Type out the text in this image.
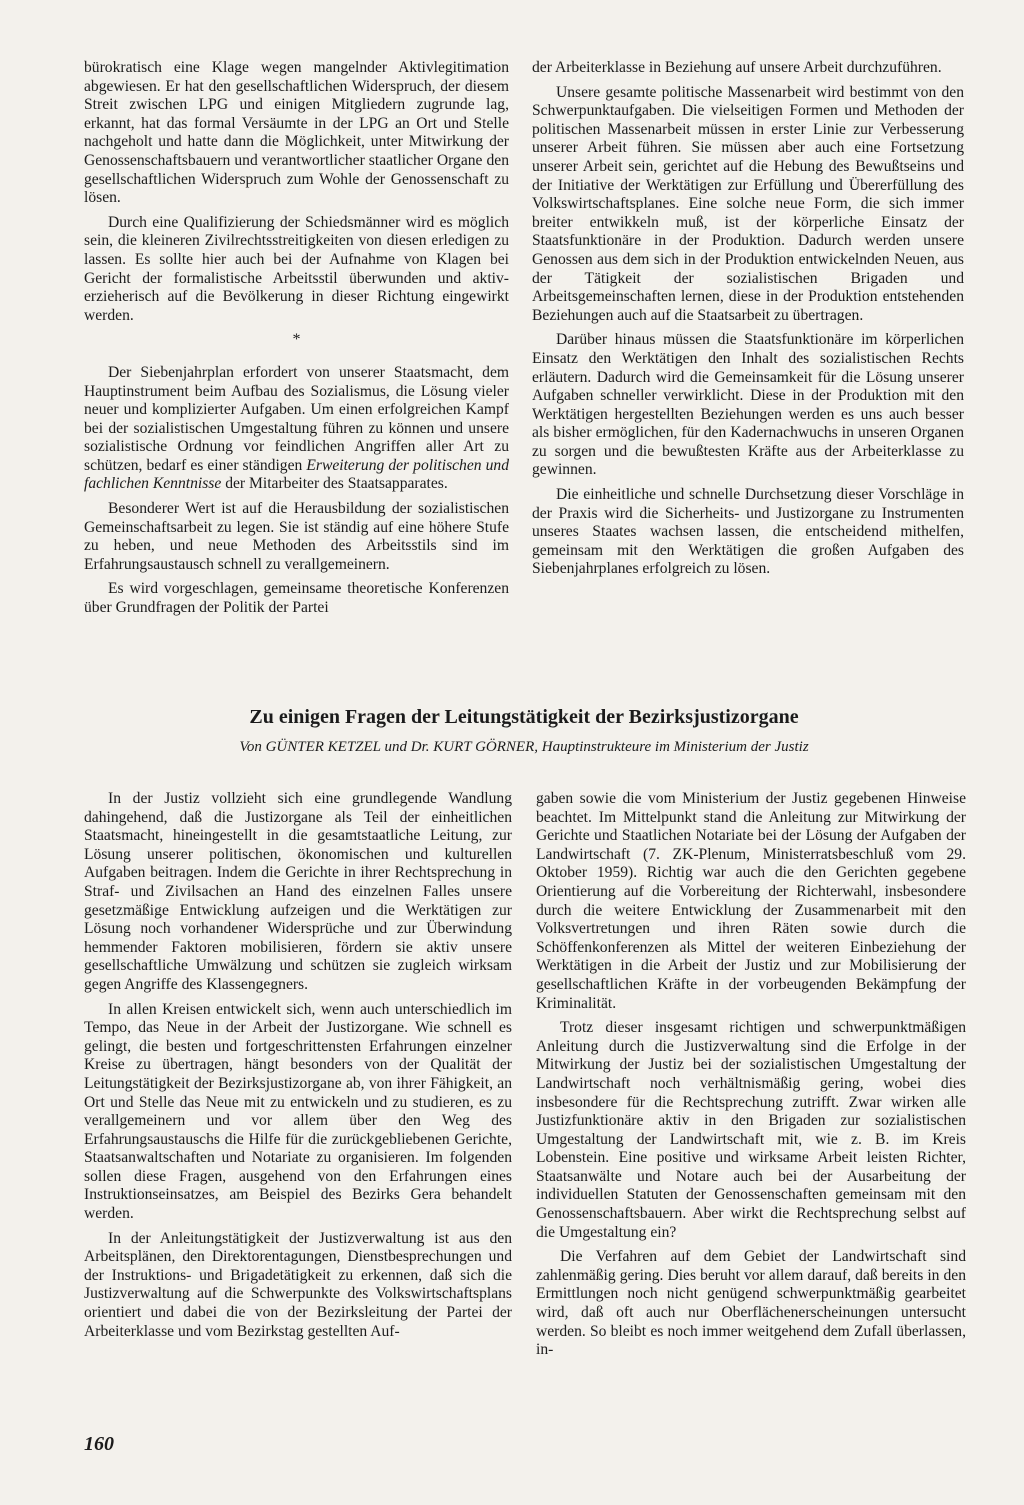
bürokratisch eine Klage wegen mangelnder Aktivlegitimation abgewiesen. Er hat den gesellschaftlichen Widerspruch, der diesem Streit zwischen LPG und einigen Mitgliedern zugrunde lag, erkannt, hat das formal Versäumte in der LPG an Ort und Stelle nachgeholt und hatte dann die Möglichkeit, unter Mitwirkung der Genossenschaftsbauern und verantwortlicher staatlicher Organe den gesellschaftlichen Widerspruch zum Wohle der Genossenschaft zu lösen.

Durch eine Qualifizierung der Schiedsmänner wird es möglich sein, die kleineren Zivilrechtsstreitigkeiten von diesen erledigen zu lassen. Es sollte hier auch bei der Aufnahme von Klagen bei Gericht der formalistische Arbeitsstil überwunden und aktiv-erzieherisch auf die Bevölkerung in dieser Richtung eingewirkt werden.

*

Der Siebenjahrplan erfordert von unserer Staatsmacht, dem Hauptinstrument beim Aufbau des Sozialismus, die Lösung vieler neuer und komplizierter Aufgaben. Um einen erfolgreichen Kampf bei der sozialistischen Umgestaltung führen zu können und unsere sozialistische Ordnung vor feindlichen Angriffen aller Art zu schützen, bedarf es einer ständigen Erweiterung der politischen und fachlichen Kenntnisse der Mitarbeiter des Staatsapparates.

Besonderer Wert ist auf die Herausbildung der sozialistischen Gemeinschaftsarbeit zu legen. Sie ist ständig auf eine höhere Stufe zu heben, und neue Methoden des Arbeitsstils sind im Erfahrungsaustausch schnell zu verallgemeinern.

Es wird vorgeschlagen, gemeinsame theoretische Konferenzen über Grundfragen der Politik der Partei

der Arbeiterklasse in Beziehung auf unsere Arbeit durchzuführen.

Unsere gesamte politische Massenarbeit wird bestimmt von den Schwerpunktaufgaben. Die vielseitigen Formen und Methoden der politischen Massenarbeit müssen in erster Linie zur Verbesserung unserer Arbeit führen. Sie müssen aber auch eine Fortsetzung unserer Arbeit sein, gerichtet auf die Hebung des Bewußtseins und der Initiative der Werktätigen zur Erfüllung und Übererfüllung des Volkswirtschaftsplanes. Eine solche neue Form, die sich immer breiter entwikkeln muß, ist der körperliche Einsatz der Staatsfunktionäre in der Produktion. Dadurch werden unsere Genossen aus dem sich in der Produktion entwickelnden Neuen, aus der Tätigkeit der sozialistischen Brigaden und Arbeitsgemeinschaften lernen, diese in der Produktion entstehenden Beziehungen auch auf die Staatsarbeit zu übertragen.

Darüber hinaus müssen die Staatsfunktionäre im körperlichen Einsatz den Werktätigen den Inhalt des sozialistischen Rechts erläutern. Dadurch wird die Gemeinsamkeit für die Lösung unserer Aufgaben schneller verwirklicht. Diese in der Produktion mit den Werktätigen hergestellten Beziehungen werden es uns auch besser als bisher ermöglichen, für den Kadernachwuchs in unseren Organen zu sorgen und die bewußtesten Kräfte aus der Arbeiterklasse zu gewinnen.

Die einheitliche und schnelle Durchsetzung dieser Vorschläge in der Praxis wird die Sicherheits- und Justizorgane zu Instrumenten unseres Staates wachsen lassen, die entscheidend mithelfen, gemeinsam mit den Werktätigen die großen Aufgaben des Siebenjahrplanes erfolgreich zu lösen.

Zu einigen Fragen der Leitungstätigkeit der Bezirksjustizorgane

Von GÜNTER KETZEL und Dr. KURT GÖRNER, Hauptinstrukteure im Ministerium der Justiz

In der Justiz vollzieht sich eine grundlegende Wandlung dahingehend, daß die Justizorgane als Teil der einheitlichen Staatsmacht, hineingestellt in die gesamtstaatliche Leitung, zur Lösung unserer politischen, ökonomischen und kulturellen Aufgaben beitragen. Indem die Gerichte in ihrer Rechtsprechung in Straf- und Zivilsachen an Hand des einzelnen Falles unsere gesetzmäßige Entwicklung aufzeigen und die Werktätigen zur Lösung noch vorhandener Widersprüche und zur Überwindung hemmender Faktoren mobilisieren, fördern sie aktiv unsere gesellschaftliche Umwälzung und schützen sie zugleich wirksam gegen Angriffe des Klassengegners.

In allen Kreisen entwickelt sich, wenn auch unterschiedlich im Tempo, das Neue in der Arbeit der Justizorgane. Wie schnell es gelingt, die besten und fortgeschrittensten Erfahrungen einzelner Kreise zu übertragen, hängt besonders von der Qualität der Leitungstätigkeit der Bezirksjustizorgane ab, von ihrer Fähigkeit, an Ort und Stelle das Neue mit zu entwickeln und zu studieren, es zu verallgemeinern und vor allem über den Weg des Erfahrungsaustauschs die Hilfe für die zurückgebliebenen Gerichte, Staatsanwaltschaften und Notariate zu organisieren. Im folgenden sollen diese Fragen, ausgehend von den Erfahrungen eines Instruktionseinsatzes, am Beispiel des Bezirks Gera behandelt werden.

In der Anleitungstätigkeit der Justizverwaltung ist aus den Arbeitsplänen, den Direktorentagungen, Dienstbesprechungen und der Instruktions- und Brigadetätigkeit zu erkennen, daß sich die Justizverwaltung auf die Schwerpunkte des Volkswirtschaftsplans orientiert und dabei die von der Bezirksleitung der Partei der Arbeiterklasse und vom Bezirkstag gestellten Auf-

gaben sowie die vom Ministerium der Justiz gegebenen Hinweise beachtet. Im Mittelpunkt stand die Anleitung zur Mitwirkung der Gerichte und Staatlichen Notariate bei der Lösung der Aufgaben der Landwirtschaft (7. ZK-Plenum, Ministerratsbeschluß vom 29. Oktober 1959). Richtig war auch die den Gerichten gegebene Orientierung auf die Vorbereitung der Richterwahl, insbesondere durch die weitere Entwicklung der Zusammenarbeit mit den Volksvertretungen und ihren Räten sowie durch die Schöffenkonferenzen als Mittel der weiteren Einbeziehung der Werktätigen in die Arbeit der Justiz und zur Mobilisierung der gesellschaftlichen Kräfte in der vorbeugenden Bekämpfung der Kriminalität.

Trotz dieser insgesamt richtigen und schwerpunktmäßigen Anleitung durch die Justizverwaltung sind die Erfolge in der Mitwirkung der Justiz bei der sozialistischen Umgestaltung der Landwirtschaft noch verhältnismäßig gering, wobei dies insbesondere für die Rechtsprechung zutrifft. Zwar wirken alle Justizfunktionäre aktiv in den Brigaden zur sozialistischen Umgestaltung der Landwirtschaft mit, wie z. B. im Kreis Lobenstein. Eine positive und wirksame Arbeit leisten Richter, Staatsanwälte und Notare auch bei der Ausarbeitung der individuellen Statuten der Genossenschaften gemeinsam mit den Genossenschaftsbauern. Aber wirkt die Rechtsprechung selbst auf die Umgestaltung ein?

Die Verfahren auf dem Gebiet der Landwirtschaft sind zahlenmäßig gering. Dies beruht vor allem darauf, daß bereits in den Ermittlungen noch nicht genügend schwerpunktmäßig gearbeitet wird, daß oft auch nur Oberflächenerscheinungen untersucht werden. So bleibt es noch immer weitgehend dem Zufall überlassen, in-

160
